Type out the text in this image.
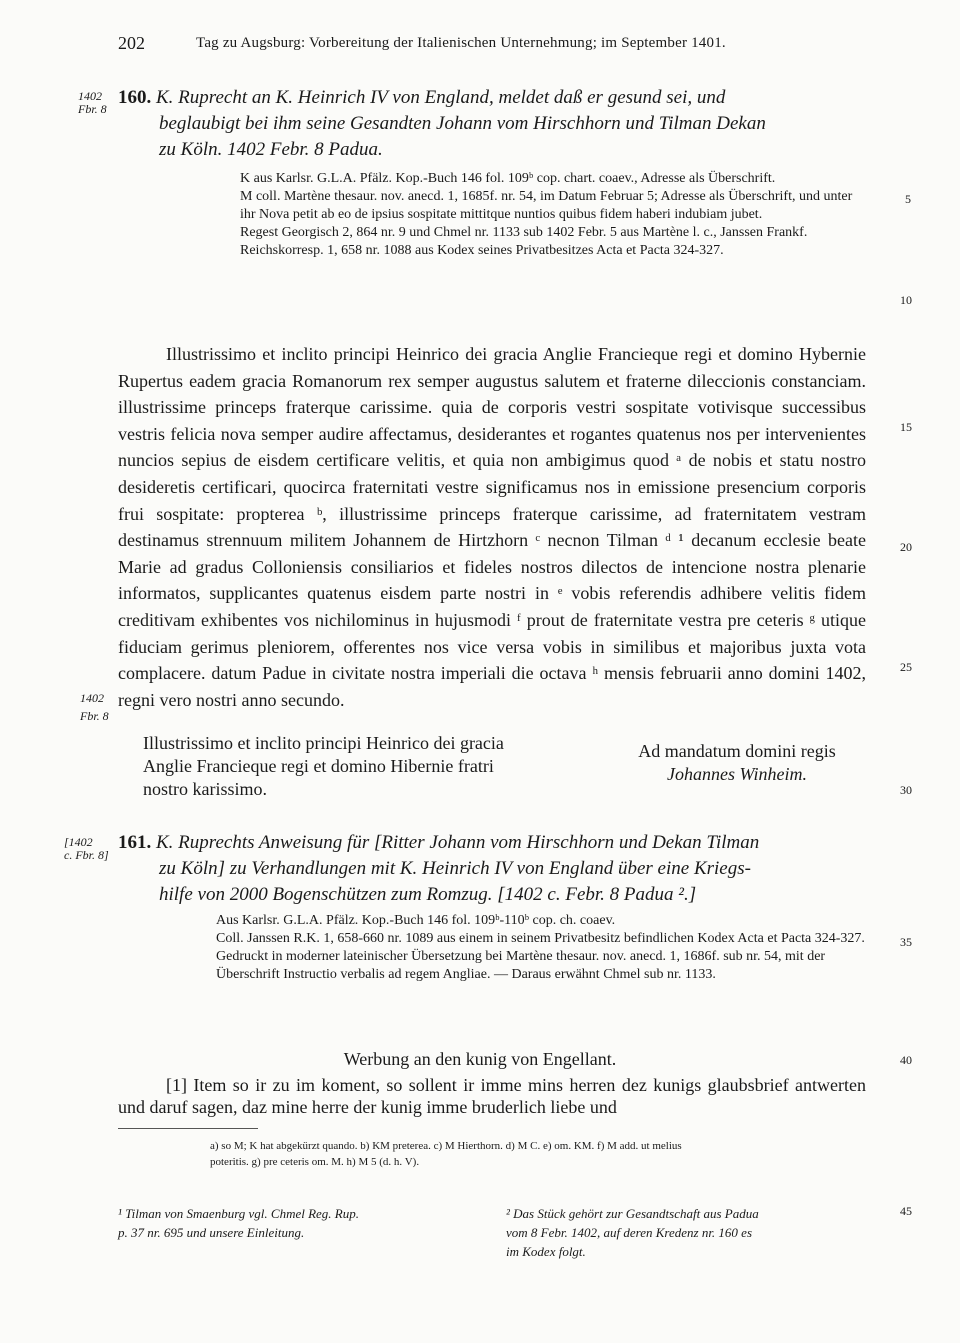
202	Tag zu Augsburg: Vorbereitung der Italienischen Unternehmung; im September 1401.
1402
Fbr. 8
160. K. Ruprecht an K. Heinrich IV von England, meldet daß er gesund sei, und
beglaubigt bei ihm seine Gesandten Johann vom Hirschhorn und Tilman Dekan
zu Köln. 1402 Febr. 8 Padua.

K aus Karlsr. G.L.A. Pfälz. Kop.-Buch 146 fol. 109ᵇ cop. chart. coaev., Adresse als Überschrift.

M coll. Martène thesaur. nov. anecd. 1, 1685f. nr. 54, im Datum Februar 5; Adresse als Überschrift, und unter ihr Nova petit ab eo de ipsius sospitate mittitque nuntios quibus fidem haberi indubiam jubet.

Regest Georgisch 2, 864 nr. 9 und Chmel nr. 1133 sub 1402 Febr. 5 aus Martène l. c., Janssen Frankf. Reichskorresp. 1, 658 nr. 1088 aus Kodex seines Privatbesitzes Acta et Pacta 324-327.

5
10
15
20
25
30
35
40
45

Illustrissimo et inclito principi Heinrico dei gracia Anglie Francieque regi et domino Hybernie Rupertus eadem gracia Romanorum rex semper augustus salutem et fraterne dileccionis constanciam. illustrissime princeps fraterque carissime. quia de corporis vestri sospitate votivisque successibus vestris felicia nova semper audire affectamus, desiderantes et rogantes quatenus nos per intervenientes nuncios sepius de eisdem certificare velitis, et quia non ambigimus quod ᵃ de nobis et statu nostro desideretis certificari, quocirca fraternitati vestre significamus nos in emissione presencium corporis frui sospitate: propterea ᵇ, illustrissime princeps fraterque carissime, ad fraternitatem vestram destinamus strennuum militem Johannem de Hirtzhorn ᶜ necnon Tilman ᵈ ¹ decanum ecclesie beate Marie ad gradus Colloniensis consiliarios et fideles nostros dilectos de intencione nostra plenarie informatos, supplicantes quatenus eisdem parte nostri in ᵉ vobis referendis adhibere velitis fidem creditivam exhibentes vos nichilominus in hujusmodi ᶠ prout de fraternitate vestra pre ceteris ᵍ utique fiduciam gerimus pleniorem, offerentes nos vice versa vobis in similibus et majoribus juxta vota complacere. datum Padue in civitate nostra imperiali die octava ʰ mensis februarii anno domini 1402, regni vero nostri anno secundo.

1402
Fbr. 8
Illustrissimo et inclito principi Heinrico dei gracia Anglie Francieque regi et domino Hibernie fratri nostro karissimo.
Ad mandatum domini regis
Johannes Winheim.
[1402
c. Fbr. 8]
161. K. Ruprechts Anweisung für [Ritter Johann vom Hirschhorn und Dekan Tilman
zu Köln] zu Verhandlungen mit K. Heinrich IV von England über eine Kriegs-
hilfe von 2000 Bogenschützen zum Romzug. [1402 c. Febr. 8 Padua ².]

Aus Karlsr. G.L.A. Pfälz. Kop.-Buch 146 fol. 109ᵇ-110ᵇ cop. ch. coaev.

Coll. Janssen R.K. 1, 658-660 nr. 1089 aus einem in seinem Privatbesitz befindlichen Kodex Acta et Pacta 324-327.

Gedruckt in moderner lateinischer Übersetzung bei Martène thesaur. nov. anecd. 1, 1686f. sub nr. 54, mit der Überschrift Instructio verbalis ad regem Angliae. — Daraus erwähnt Chmel sub nr. 1133.

Werbung an den kunig von Engellant.

[1] Item so ir zu im koment, so sollent ir imme mins herren dez kunigs glaubsbrief antwerten und daruf sagen, daz mine herre der kunig imme bruderlich liebe und

a) so M; K hat abgekürzt quando. b) KM preterea. c) M Hierthorn. d) M C. e) om. KM. f) M add. ut melius
poteritis. g) pre ceteris om. M. h) M 5 (d. h. V).
¹ Tilman von Smaenburg vgl. Chmel Reg. Rup.
p. 37 nr. 695 und unsere Einleitung.
² Das Stück gehört zur Gesandtschaft aus Padua
vom 8 Febr. 1402, auf deren Kredenz nr. 160 es
im Kodex folgt.
